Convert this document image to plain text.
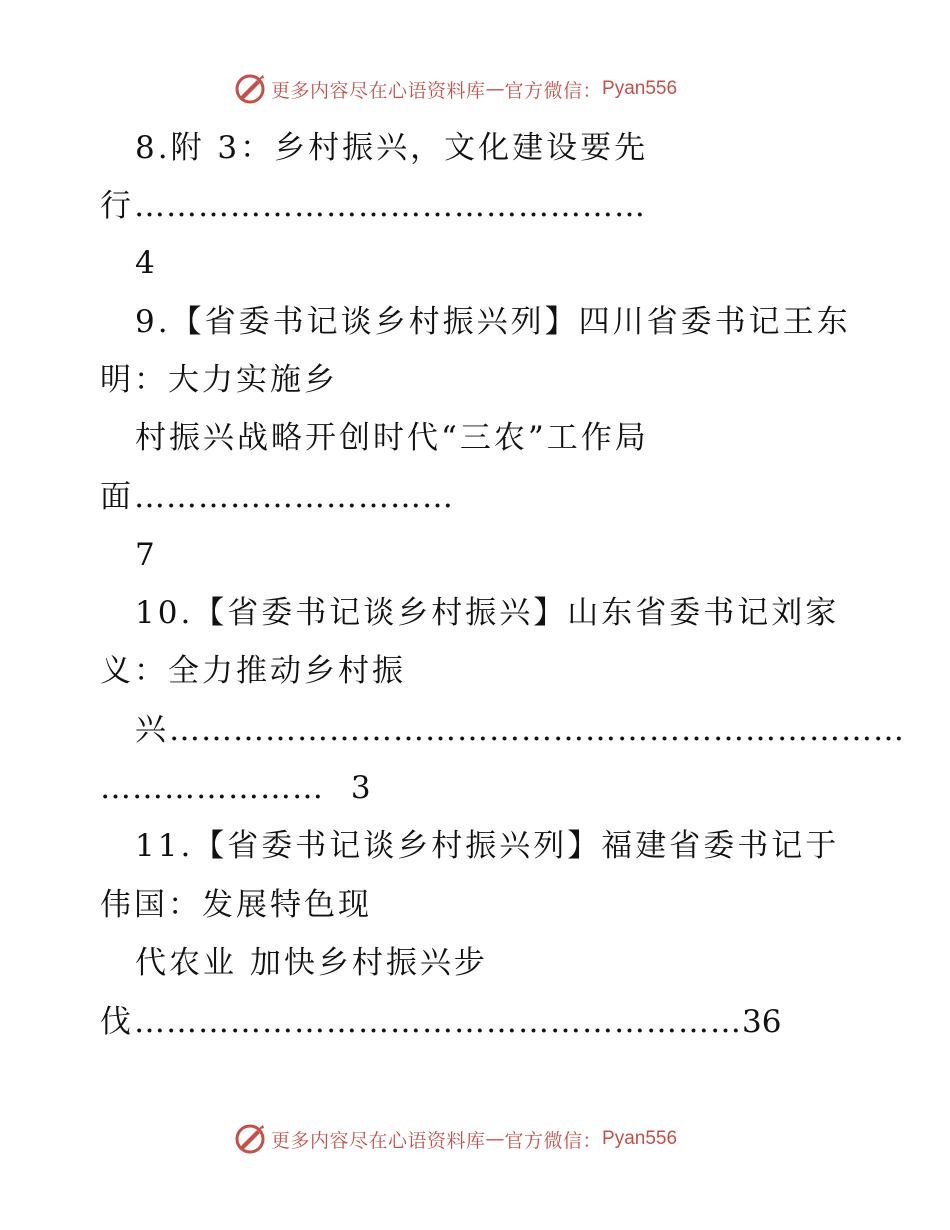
更多内容尽在心语资料库 — 官方微信： Pyan556
8.附 3：乡村振兴，文化建设要先
行…………………………………………
4
9.【省委书记谈乡村振兴列】四川省委书记王东
明：大力实施乡
村振兴战略开创时代“三农”工作局
面…………………………
7
10.【省委书记谈乡村振兴】山东省委书记刘家
义：全力推动乡村振
兴……………………………………………………………
………………… 3
11.【省委书记谈乡村振兴列】福建省委书记于
伟国：发展特色现
代农业 加快乡村振兴步
伐…………………………………………………36
更多内容尽在心语资料库 — 官方微信： Pyan556
